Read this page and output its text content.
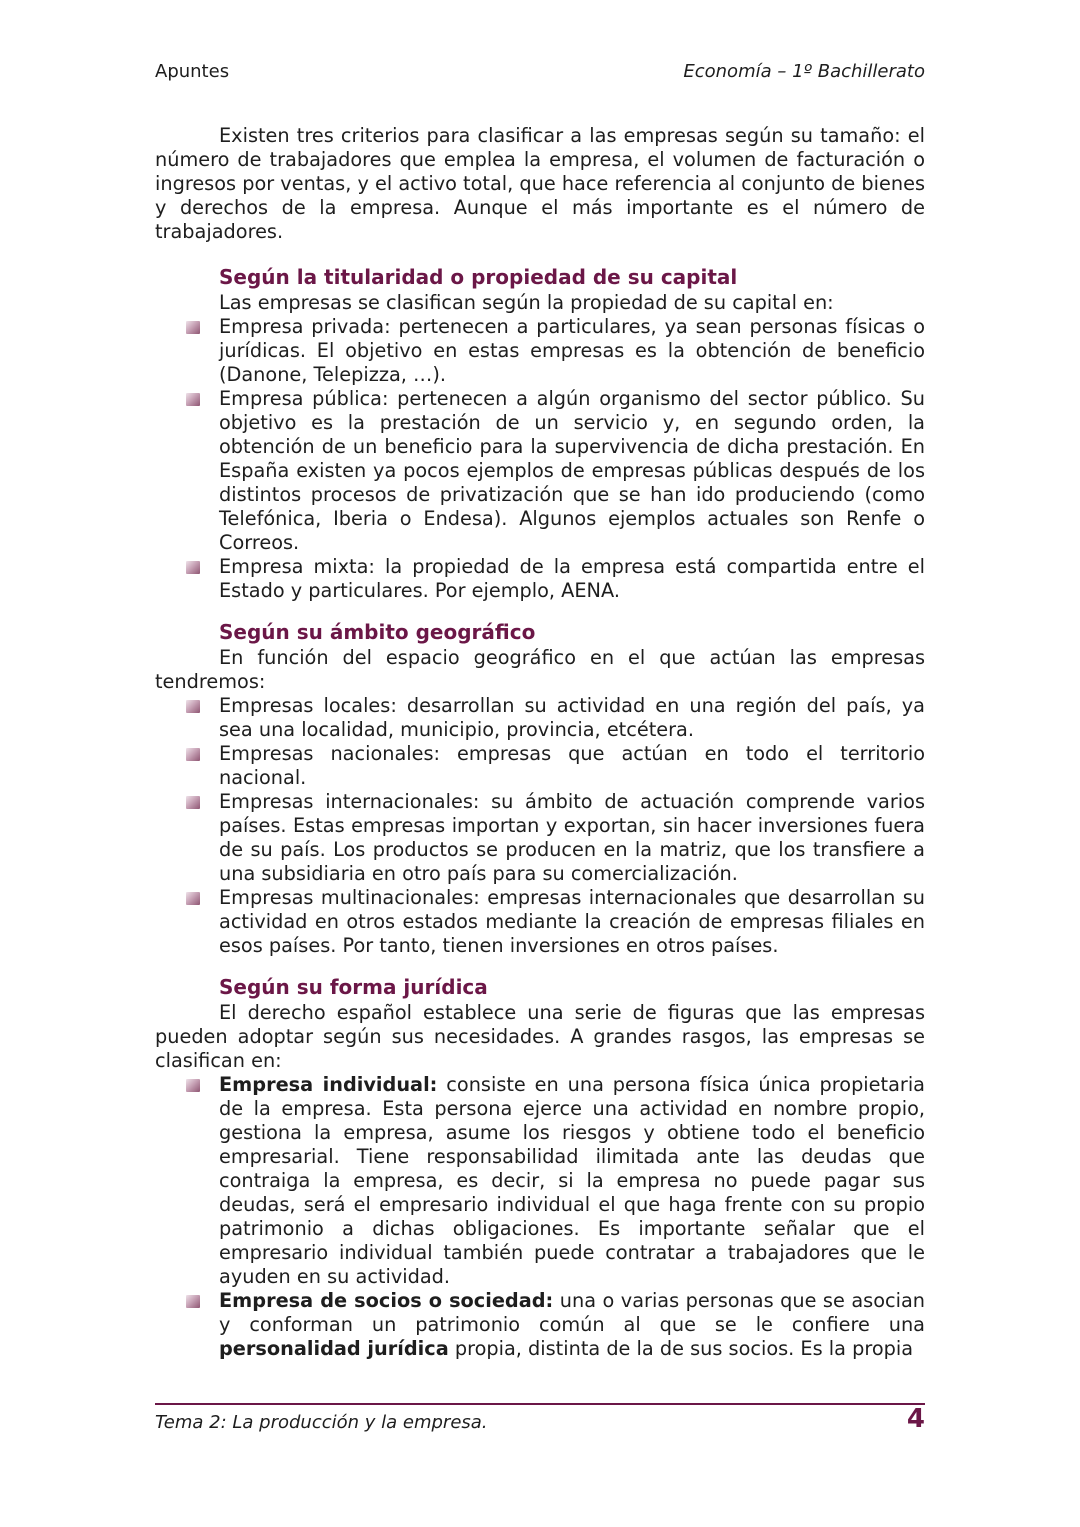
Apuntes	Economía – 1º Bachillerato

Existen tres criterios para clasificar a las empresas según su tamaño: el número de trabajadores que emplea la empresa, el volumen de facturación o ingresos por ventas, y el activo total, que hace referencia al conjunto de bienes y derechos de la empresa. Aunque el más importante es el número de trabajadores.

Según la titularidad o propiedad de su capital

Las empresas se clasifican según la propiedad de su capital en:

Empresa privada: pertenecen a particulares, ya sean personas físicas o jurídicas. El objetivo en estas empresas es la obtención de beneficio (Danone, Telepizza, …).
Empresa pública: pertenecen a algún organismo del sector público. Su objetivo es la prestación de un servicio y, en segundo orden, la obtención de un beneficio para la supervivencia de dicha prestación. En España existen ya pocos ejemplos de empresas públicas después de los distintos procesos de privatización que se han ido produciendo (como Telefónica, Iberia o Endesa). Algunos ejemplos actuales son Renfe o Correos.
Empresa mixta: la propiedad de la empresa está compartida entre el Estado y particulares. Por ejemplo, AENA.
Según su ámbito geográfico

En función del espacio geográfico en el que actúan las empresas tendremos:

Empresas locales: desarrollan su actividad en una región del país, ya sea una localidad, municipio, provincia, etcétera.
Empresas nacionales: empresas que actúan en todo el territorio nacional.
Empresas internacionales: su ámbito de actuación comprende varios países. Estas empresas importan y exportan, sin hacer inversiones fuera de su país. Los productos se producen en la matriz, que los transfiere a una subsidiaria en otro país para su comercialización.
Empresas multinacionales: empresas internacionales que desarrollan su actividad en otros estados mediante la creación de empresas filiales en esos países. Por tanto, tienen inversiones en otros países.
Según su forma jurídica

El derecho español establece una serie de figuras que las empresas pueden adoptar según sus necesidades. A grandes rasgos, las empresas se clasifican en:

Empresa individual: consiste en una persona física única propietaria de la empresa. Esta persona ejerce una actividad en nombre propio, gestiona la empresa, asume los riesgos y obtiene todo el beneficio empresarial. Tiene responsabilidad ilimitada ante las deudas que contraiga la empresa, es decir, si la empresa no puede pagar sus deudas, será el empresario individual el que haga frente con su propio patrimonio a dichas obligaciones. Es importante señalar que el empresario individual también puede contratar a trabajadores que le ayuden en su actividad.
Empresa de socios o sociedad: una o varias personas que se asocian y conforman un patrimonio común al que se le confiere una personalidad jurídica propia, distinta de la de sus socios. Es la propia
Tema 2: La producción y la empresa.	4
